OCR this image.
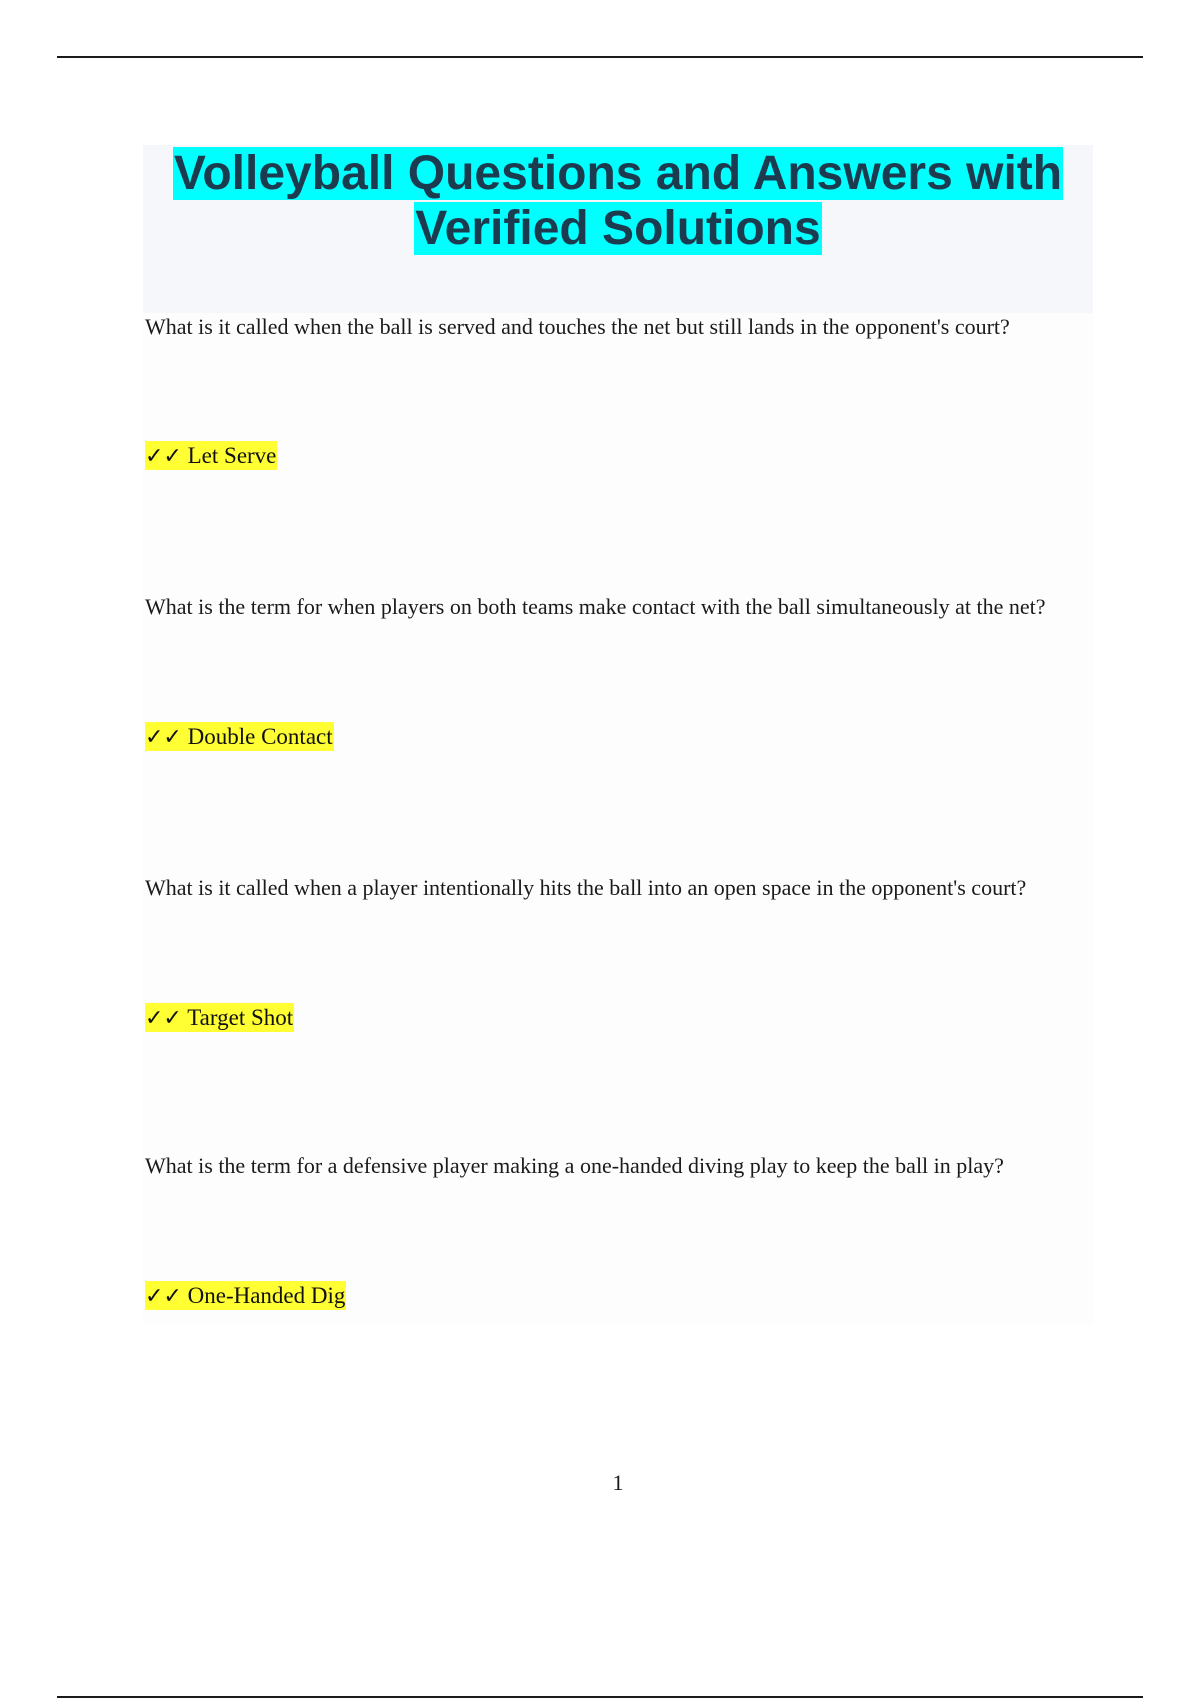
Volleyball Questions and Answers with
Verified Solutions

What is it called when the ball is served and touches the net but still lands in the opponent's court?

✓✓ Let Serve

What is the term for when players on both teams make contact with the ball simultaneously at the net?

✓✓ Double Contact

What is it called when a player intentionally hits the ball into an open space in the opponent's court?

✓✓ Target Shot

What is the term for a defensive player making a one-handed diving play to keep the ball in play?

✓✓ One-Handed Dig

1
